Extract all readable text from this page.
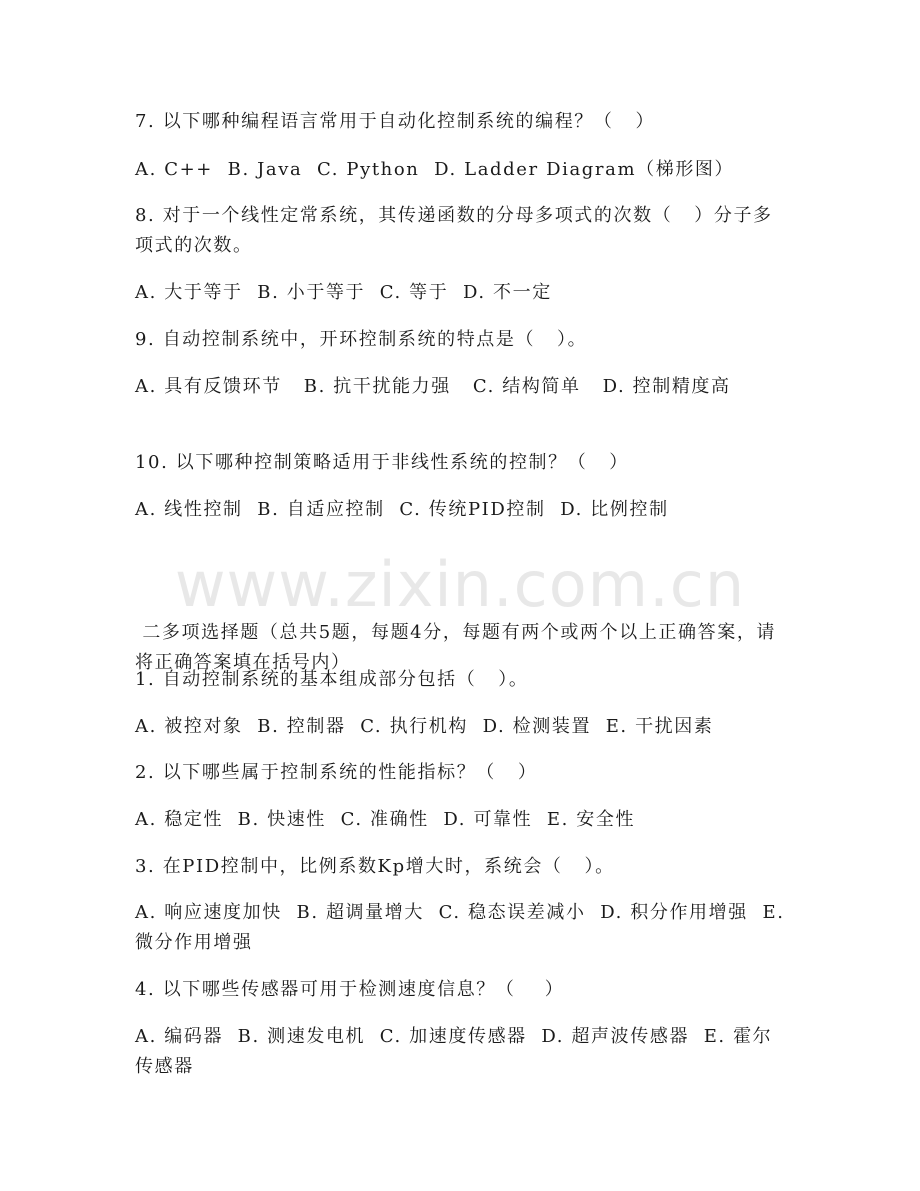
www.zixin.com.cn
7. 以下哪种编程语言常用于自动化控制系统的编程？（   ）
A. C++  B. Java  C. Python  D. Ladder Diagram（梯形图）
8. 对于一个线性定常系统，其传递函数的分母多项式的次数（   ）分子多项式的次数。
A. 大于等于  B. 小于等于  C. 等于  D. 不一定
9. 自动控制系统中，开环控制系统的特点是（   ）。
A. 具有反馈环节   B. 抗干扰能力强   C. 结构简单   D. 控制精度高
10. 以下哪种控制策略适用于非线性系统的控制？（   ）
A. 线性控制  B. 自适应控制  C. 传统PID控制  D. 比例控制
二多项选择题（总共5题，每题4分，每题有两个或两个以上正确答案，请将正确答案填在括号内）
1. 自动控制系统的基本组成部分包括（   ）。
A. 被控对象  B. 控制器  C. 执行机构  D. 检测装置  E. 干扰因素
2. 以下哪些属于控制系统的性能指标？（   ）
A. 稳定性  B. 快速性  C. 准确性  D. 可靠性  E. 安全性
3. 在PID控制中，比例系数Kp增大时，系统会（   ）。
A. 响应速度加快  B. 超调量增大  C. 稳态误差减小  D. 积分作用增强  E. 微分作用增强
4. 以下哪些传感器可用于检测速度信息？（    ）
A. 编码器  B. 测速发电机  C. 加速度传感器  D. 超声波传感器  E. 霍尔传感器
